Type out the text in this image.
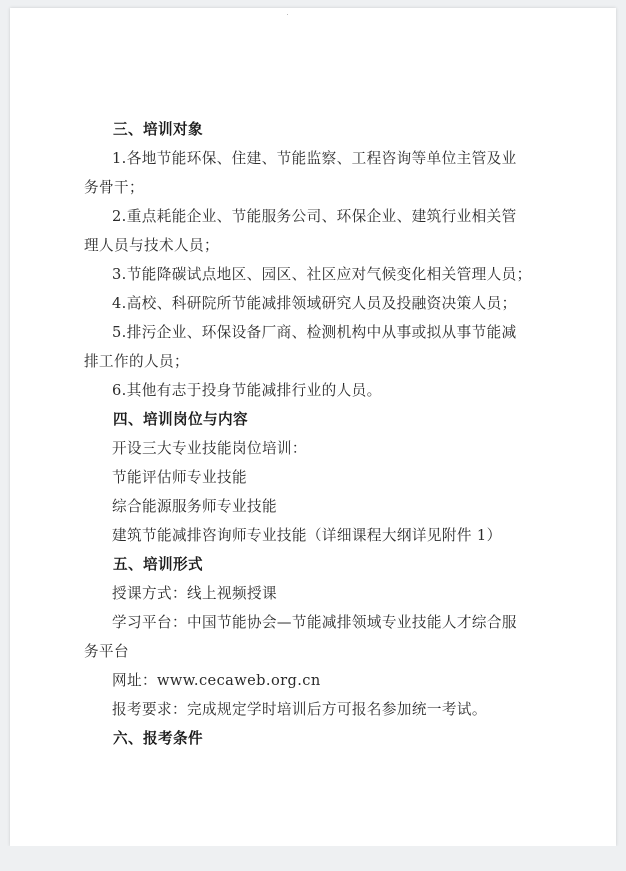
三、培训对象
1.各地节能环保、住建、节能监察、工程咨询等单位主管及业
务骨干；
2.重点耗能企业、节能服务公司、环保企业、建筑行业相关管
理人员与技术人员；
3.节能降碳试点地区、园区、社区应对气候变化相关管理人员；
4.高校、科研院所节能减排领域研究人员及投融资决策人员；
5.排污企业、环保设备厂商、检测机构中从事或拟从事节能减
排工作的人员；
6.其他有志于投身节能减排行业的人员。
四、培训岗位与内容
开设三大专业技能岗位培训：
节能评估师专业技能
综合能源服务师专业技能
建筑节能减排咨询师专业技能（详细课程大纲详见附件 1）
五、培训形式
授课方式：线上视频授课
学习平台：中国节能协会—节能减排领域专业技能人才综合服
务平台
网址：www.cecaweb.org.cn
报考要求：完成规定学时培训后方可报名参加统一考试。
六、报考条件
